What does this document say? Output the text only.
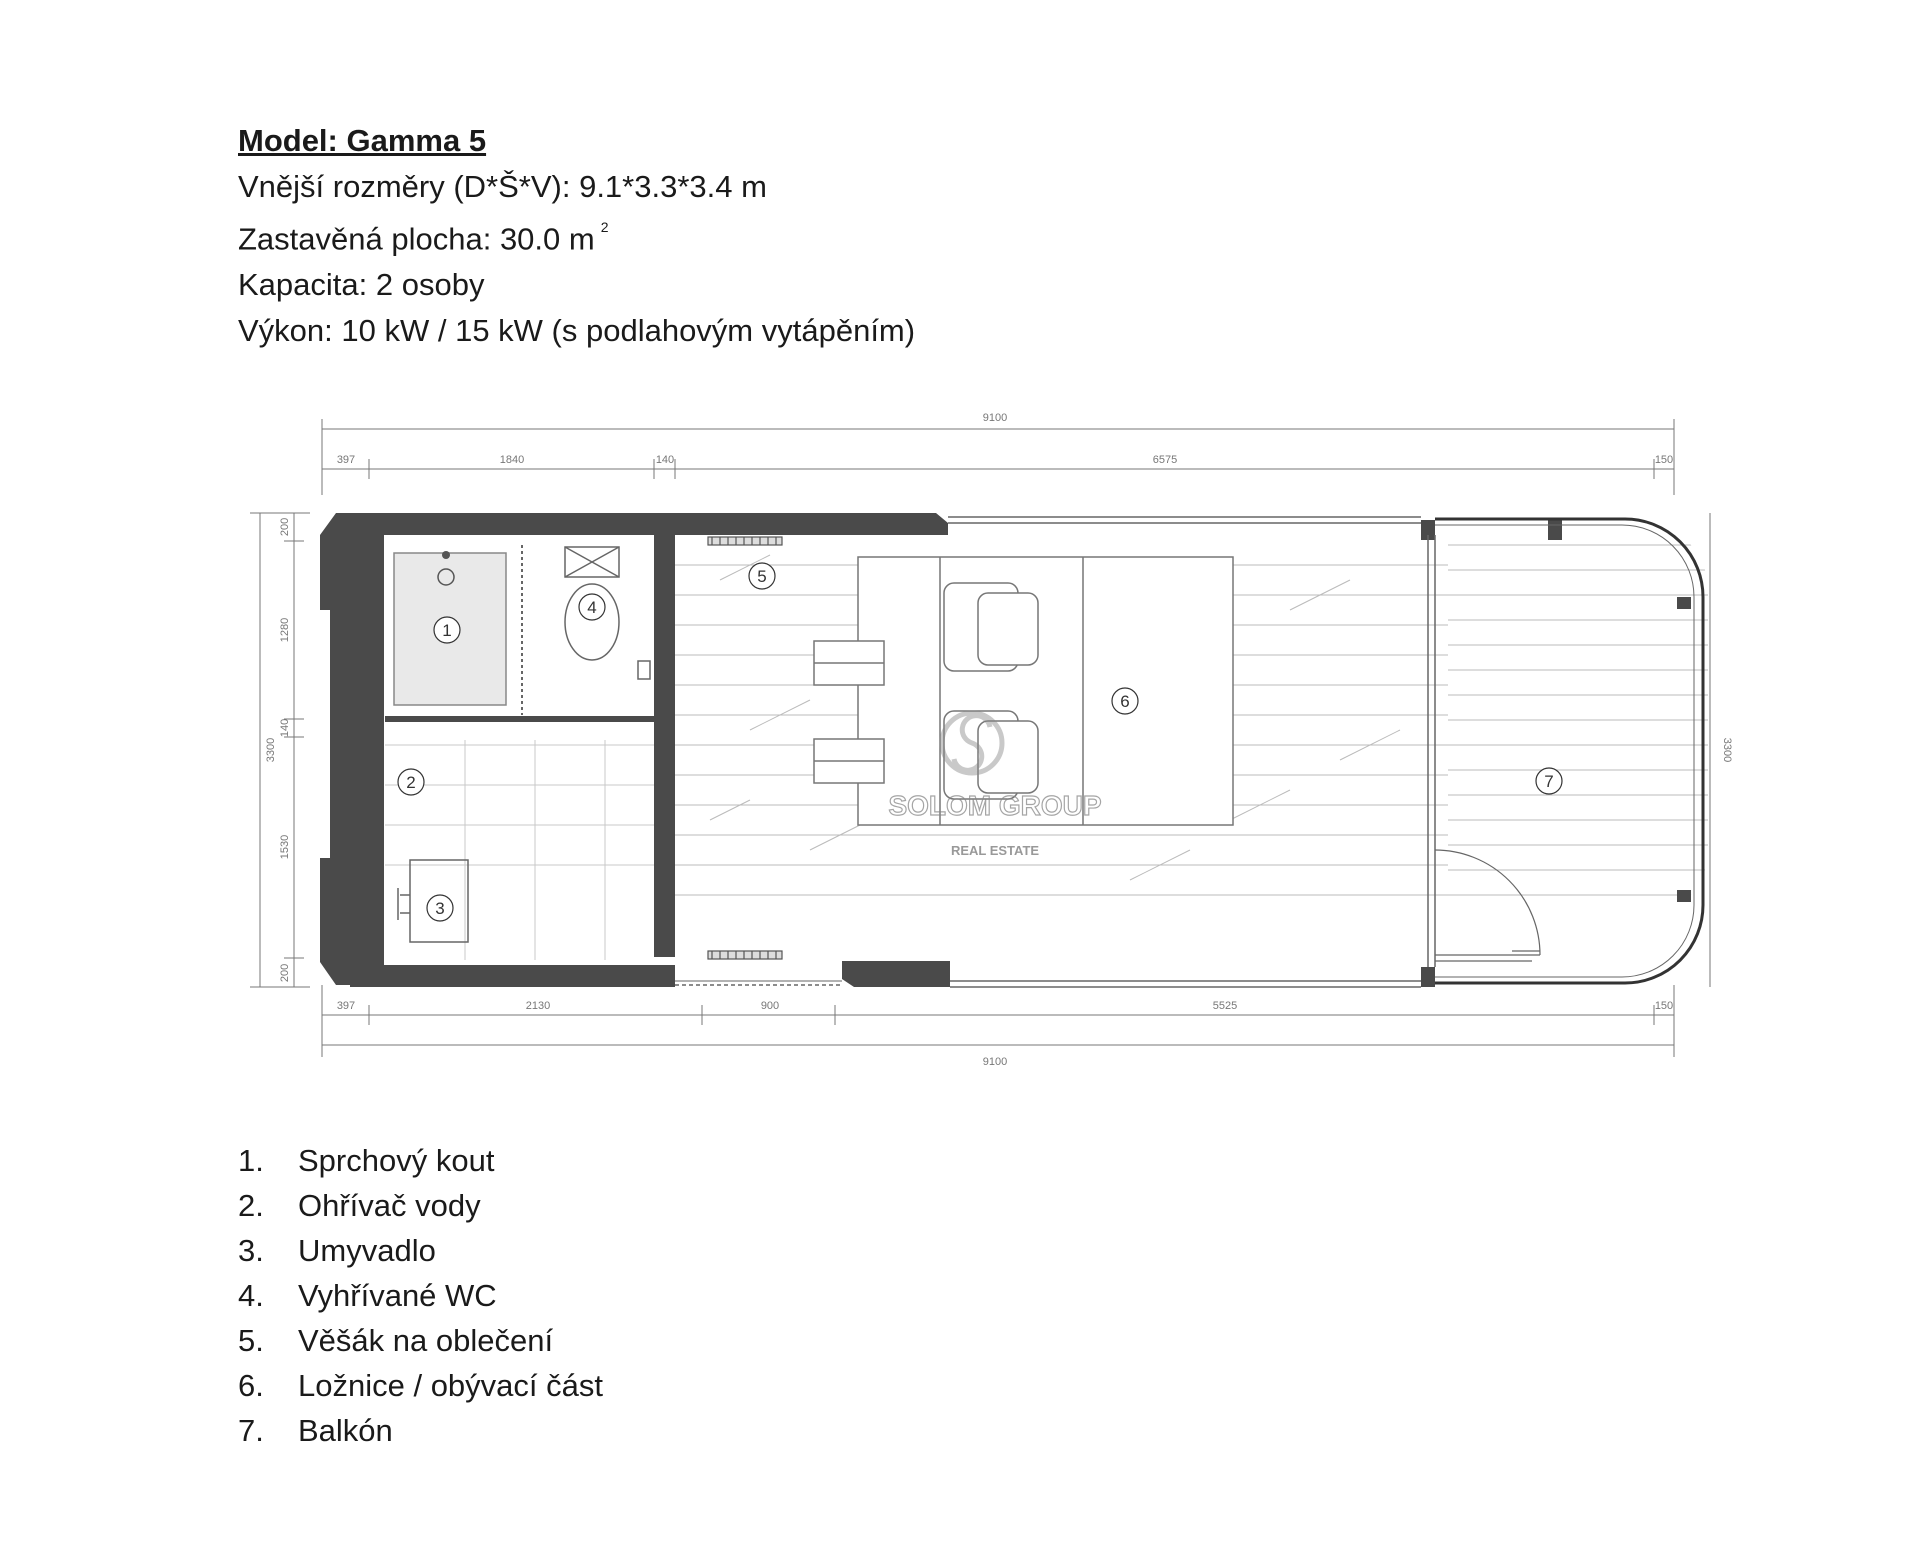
Model: Gamma 5
Vnější rozměry (D*Š*V): 9.1*3.3*3.4 m
Zastavěná plocha: 30.0 m $^2$
Kapacita: 2 osoby
Výkon: 10 kW / 15 kW (s podlahovým vytápěním)
9100
397	1840	140	6575	150
397	2130	900	5525	150
9100
3300
200
1280
140
1530
200
3300
1
2
3
4
5
6
7
SOLOM GROUP
REAL ESTATE
1.	Sprchový kout
2.	Ohřívač vody
3.	Umyvadlo
4.	Vyhřívané WC
5.	Věšák na oblečení
6.	Ložnice / obývací část
7.	Balkón
